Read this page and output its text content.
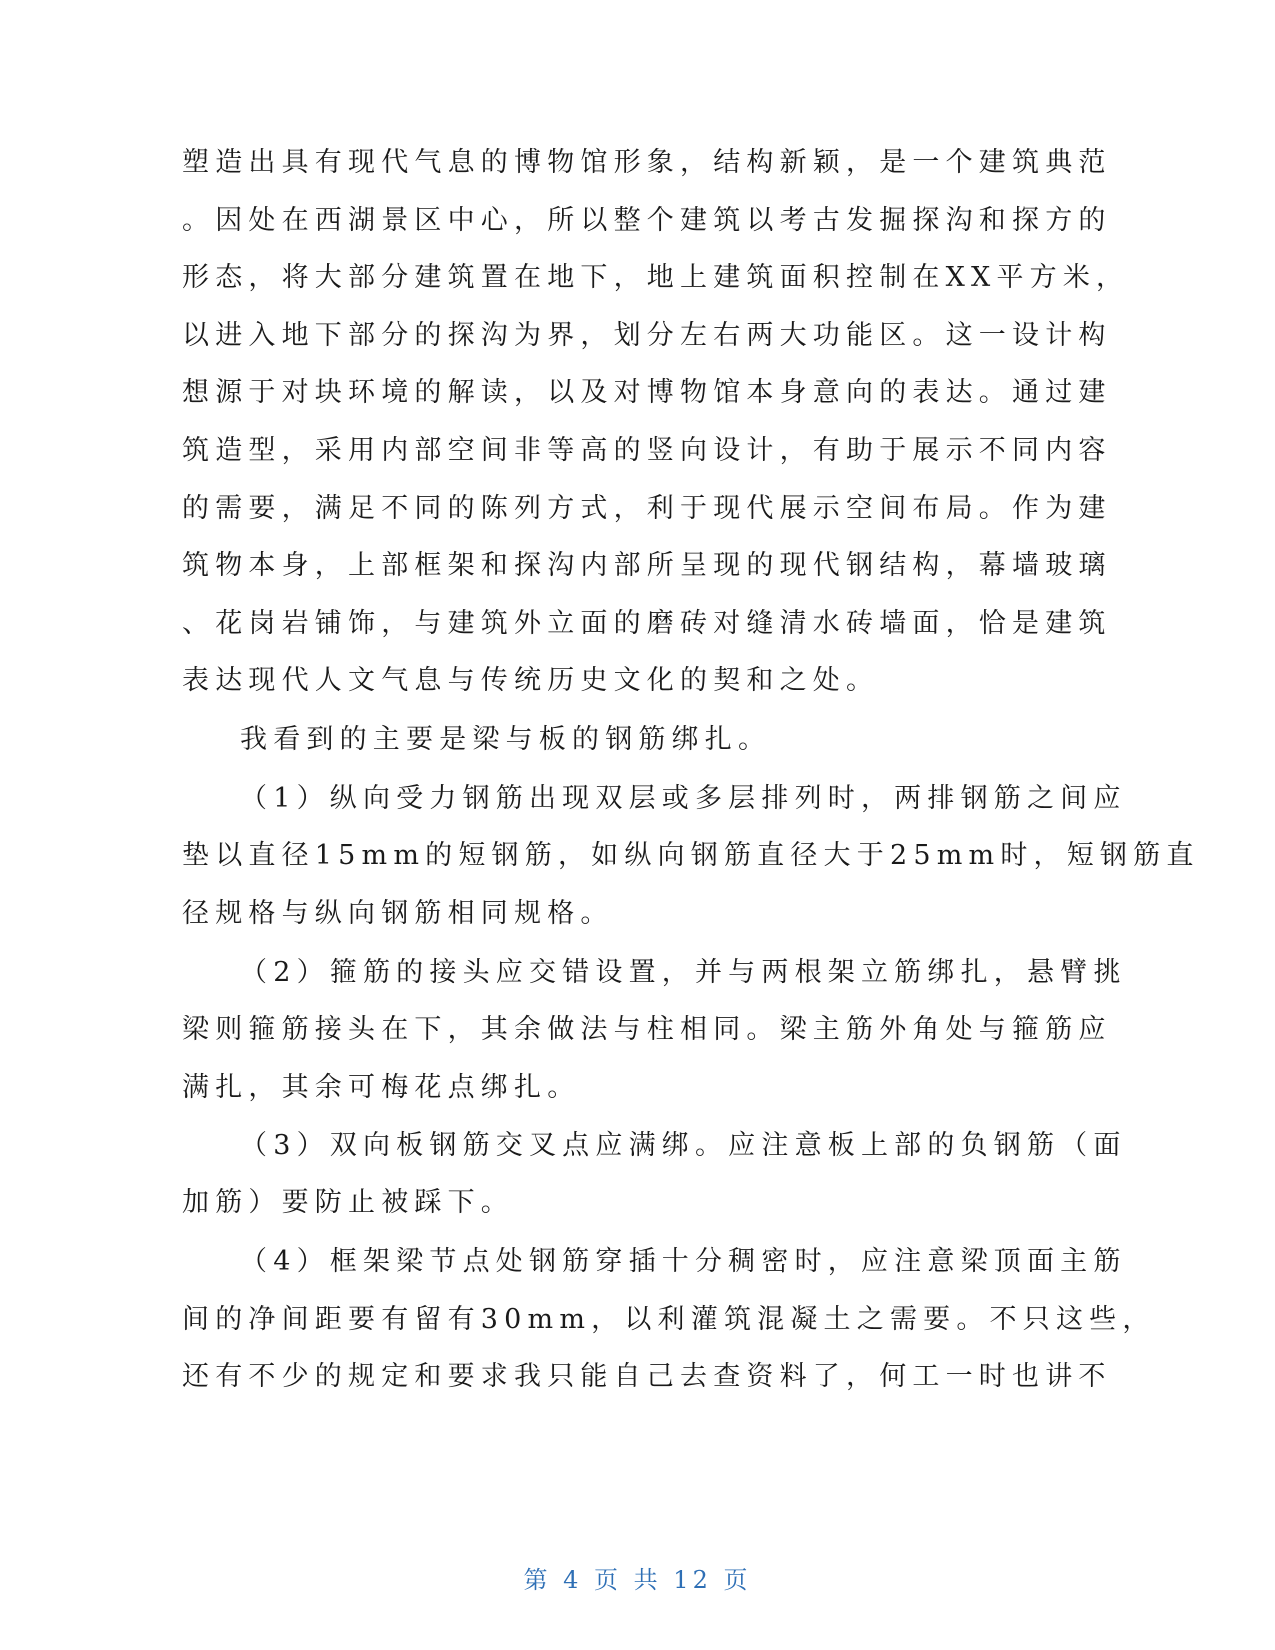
塑造出具有现代气息的博物馆形象，结构新颖，是一个建筑典范
。因处在西湖景区中心，所以整个建筑以考古发掘探沟和探方的
形态，将大部分建筑置在地下，地上建筑面积控制在XX平方米，
以进入地下部分的探沟为界，划分左右两大功能区。这一设计构
想源于对块环境的解读，以及对博物馆本身意向的表达。通过建
筑造型，采用内部空间非等高的竖向设计，有助于展示不同内容
的需要，满足不同的陈列方式，利于现代展示空间布局。作为建
筑物本身，上部框架和探沟内部所呈现的现代钢结构，幕墙玻璃
、花岗岩铺饰，与建筑外立面的磨砖对缝清水砖墙面，恰是建筑
表达现代人文气息与传统历史文化的契和之处。
我看到的主要是梁与板的钢筋绑扎。
（1）纵向受力钢筋出现双层或多层排列时，两排钢筋之间应
垫以直径15mm的短钢筋，如纵向钢筋直径大于25mm时，短钢筋直
径规格与纵向钢筋相同规格。
（2）箍筋的接头应交错设置，并与两根架立筋绑扎，悬臂挑
梁则箍筋接头在下，其余做法与柱相同。梁主筋外角处与箍筋应
满扎，其余可梅花点绑扎。
（3）双向板钢筋交叉点应满绑。应注意板上部的负钢筋（面
加筋）要防止被踩下。
（4）框架梁节点处钢筋穿插十分稠密时，应注意梁顶面主筋
间的净间距要有留有30mm，以利灌筑混凝土之需要。不只这些，
还有不少的规定和要求我只能自己去查资料了，何工一时也讲不
第 4 页 共 12 页
